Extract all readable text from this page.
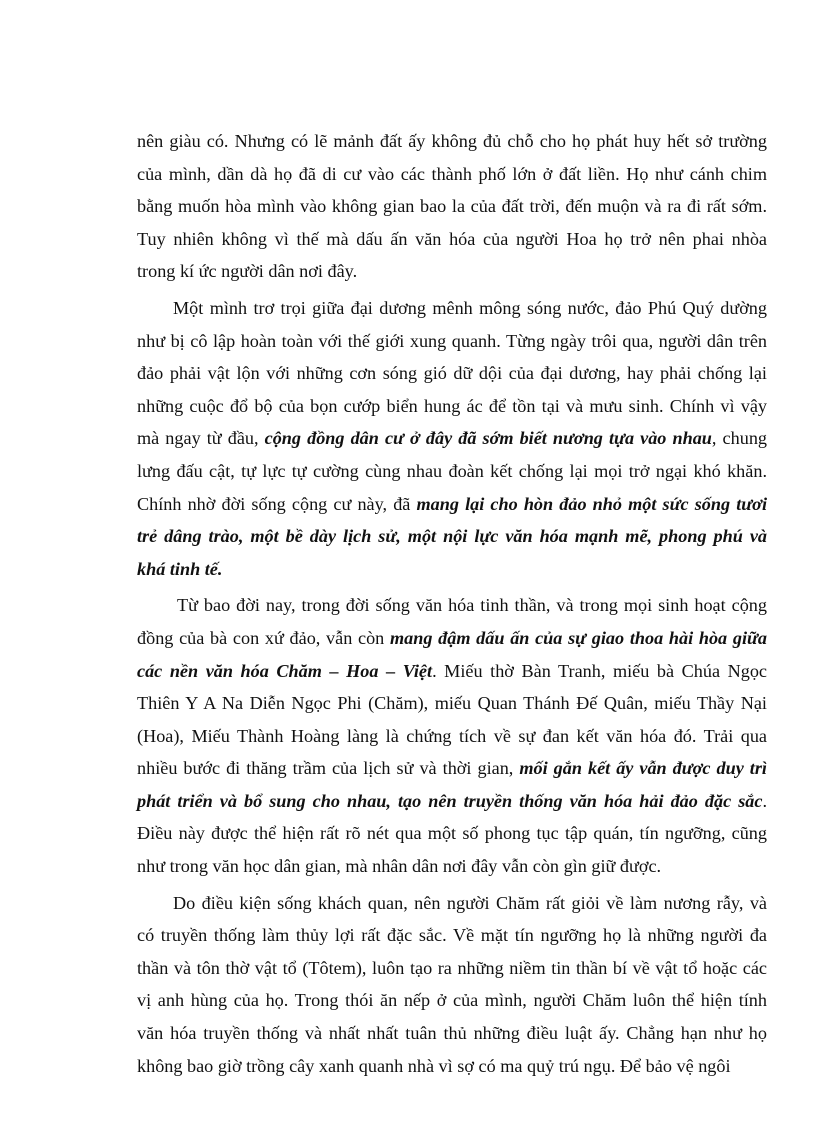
nên giàu có. Nhưng có lẽ mảnh đất ấy không đủ chỗ cho họ phát huy hết sở trường
của mình, dần dà họ đã di cư vào các thành phố lớn ở đất liền. Họ như cánh chim
bằng muốn hòa mình vào không gian bao la của đất trời, đến muộn và ra đi rất sớm.
Tuy nhiên không vì thế mà dấu ấn văn hóa của người Hoa họ trở nên phai nhòa
trong kí ức người dân nơi đây.

Một mình trơ trọi giữa đại dương mênh mông sóng nước, đảo Phú Quý dường
như bị cô lập hoàn toàn với thế giới xung quanh. Từng ngày trôi qua, người dân trên
đảo phải vật lộn với những cơn sóng gió dữ dội của đại dương, hay phải chống lại
những cuộc đổ bộ của bọn cướp biển hung ác để tồn tại và mưu sinh. Chính vì vậy
mà ngay từ đầu, cộng đồng dân cư ở đây đã sớm biết nương tựa vào nhau, chung
lưng đấu cật, tự lực tự cường cùng nhau đoàn kết chống lại mọi trở ngại khó khăn.
Chính nhờ đời sống cộng cư này, đã mang lại cho hòn đảo nhỏ một sức sống tươi
trẻ dâng trào, một bề dày lịch sử, một nội lực văn hóa mạnh mẽ, phong phú và
khá tinh tế.

Từ bao đời nay, trong đời sống văn hóa tinh thần, và trong mọi sinh hoạt cộng
đồng của bà con xứ đảo, vẫn còn mang đậm dấu ấn của sự giao thoa hài hòa giữa
các nền văn hóa Chăm – Hoa – Việt. Miếu thờ Bàn Tranh, miếu bà Chúa Ngọc
Thiên Y A Na Diễn Ngọc Phi (Chăm), miếu Quan Thánh Đế Quân, miếu Thầy Nại
(Hoa), Miếu Thành Hoàng làng là chứng tích về sự đan kết văn hóa đó. Trải qua
nhiều bước đi thăng trầm của lịch sử và thời gian, mối gắn kết ấy vẫn được duy trì
phát triển và bổ sung cho nhau, tạo nên truyền thống văn hóa hải đảo đặc sắc.
Điều này được thể hiện rất rõ nét qua một số phong tục tập quán, tín ngưỡng, cũng
như trong văn học dân gian, mà nhân dân nơi đây vẫn còn gìn giữ được.

Do điều kiện sống khách quan, nên người Chăm rất giỏi về làm nương rẫy, và
có truyền thống làm thủy lợi rất đặc sắc. Về mặt tín ngưỡng họ là những người đa
thần và tôn thờ vật tổ (Tôtem), luôn tạo ra những niềm tin thần bí về vật tổ hoặc các
vị anh hùng của họ. Trong thói ăn nếp ở của mình, người Chăm luôn thể hiện tính
văn hóa truyền thống và nhất nhất tuân thủ những điều luật ấy. Chẳng hạn như họ
không bao giờ trồng cây xanh quanh nhà vì sợ có ma quỷ trú ngụ. Để bảo vệ ngôi
